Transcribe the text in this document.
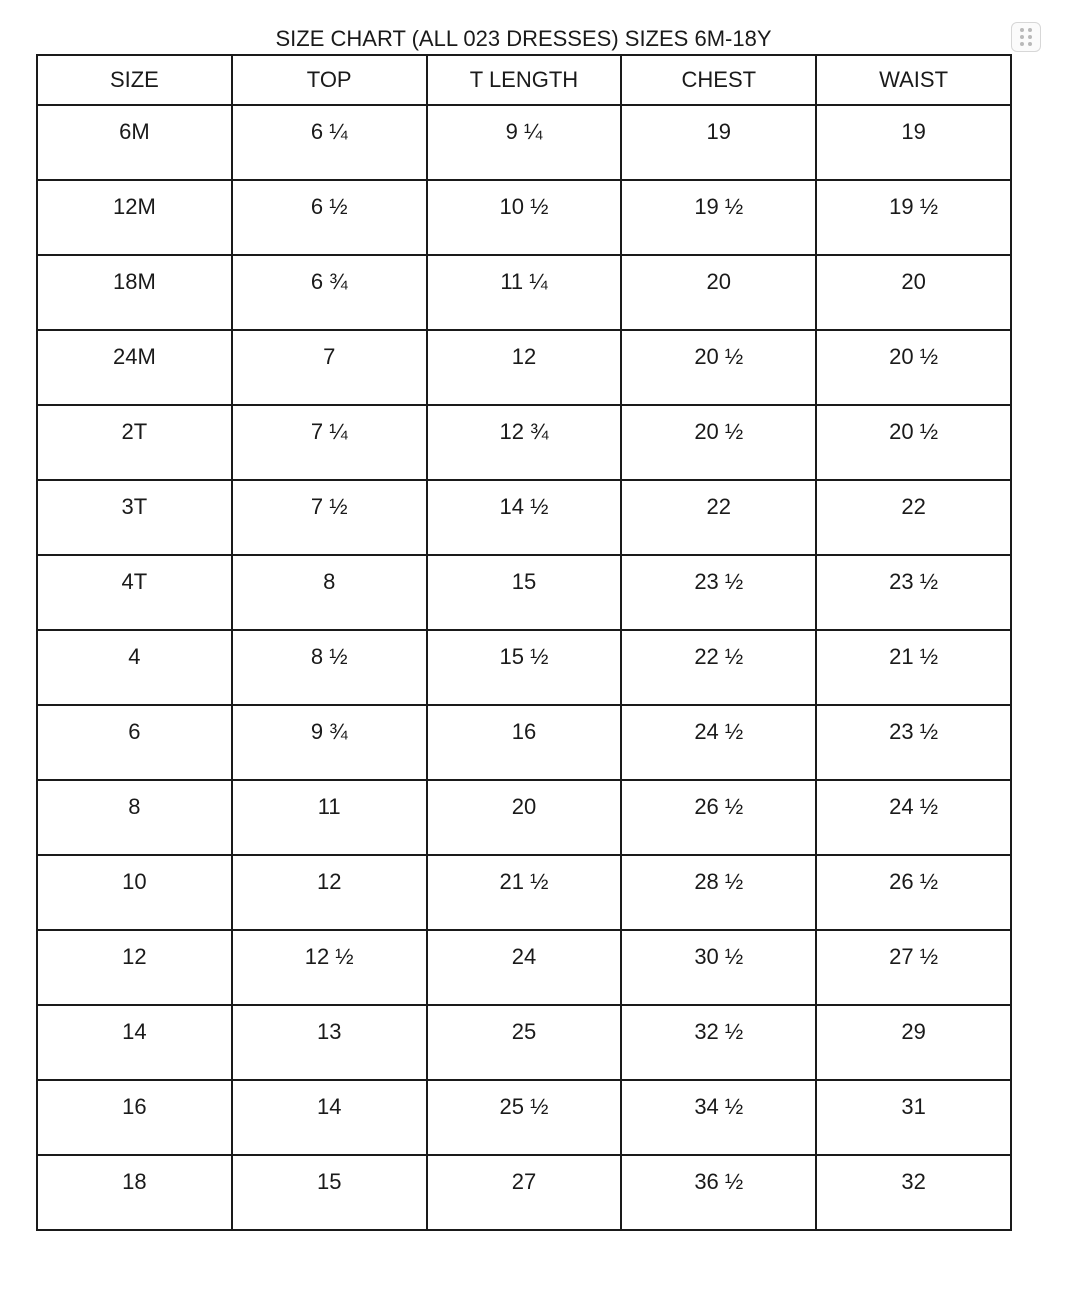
SIZE CHART (ALL 023 DRESSES) SIZES 6M-18Y
SIZE	TOP	T LENGTH	CHEST	WAIST
6M	6 ¼	9 ¼	19	19
12M	6 ½	10 ½	19 ½	19 ½
18M	6 ¾	11 ¼	20	20
24M	7	12	20 ½	20 ½
2T	7 ¼	12 ¾	20 ½	20 ½
3T	7 ½	14 ½	22	22
4T	8	15	23 ½	23 ½
4	8 ½	15 ½	22 ½	21 ½
6	9 ¾	16	24 ½	23 ½
8	11	20	26 ½	24 ½
10	12	21 ½	28 ½	26 ½
12	12 ½	24	30 ½	27 ½
14	13	25	32 ½	29
16	14	25 ½	34 ½	31
18	15	27	36 ½	32
